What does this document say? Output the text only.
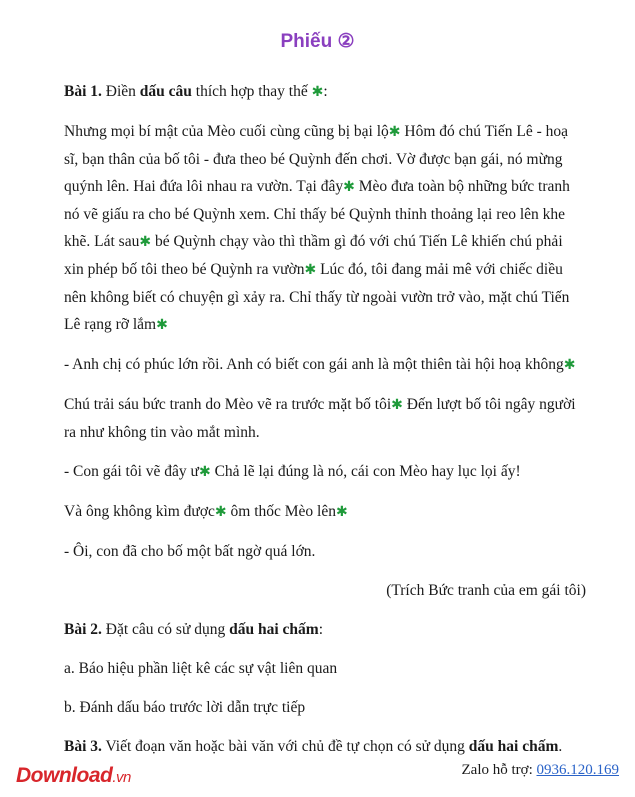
Phiếu ②

Bài 1. Điền dấu câu thích hợp thay thế ✱:

Nhưng mọi bí mật của Mèo cuối cùng cũng bị bại lộ✱ Hôm đó chú Tiến Lê - hoạ sĩ, bạn thân của bố tôi - đưa theo bé Quỳnh đến chơi. Vờ được bạn gái, nó mừng quýnh lên. Hai đứa lôi nhau ra vườn. Tại đây✱ Mèo đưa toàn bộ những bức tranh nó vẽ giấu ra cho bé Quỳnh xem. Chỉ thấy bé Quỳnh thỉnh thoảng lại reo lên khe khẽ. Lát sau✱ bé Quỳnh chạy vào thì thầm gì đó với chú Tiến Lê khiến chú phải xin phép bố tôi theo bé Quỳnh ra vườn✱ Lúc đó, tôi đang mải mê với chiếc diều nên không biết có chuyện gì xảy ra. Chỉ thấy từ ngoài vườn trở vào, mặt chú Tiến Lê rạng rỡ lắm✱

- Anh chị có phúc lớn rồi. Anh có biết con gái anh là một thiên tài hội hoạ không✱

Chú trải sáu bức tranh do Mèo vẽ ra trước mặt bố tôi✱ Đến lượt bố tôi ngây người ra như không tin vào mắt mình.

- Con gái tôi vẽ đây ư✱ Chả lẽ lại đúng là nó, cái con Mèo hay lục lọi ấy!

Và ông không kìm được✱ ôm thốc Mèo lên✱

- Ôi, con đã cho bố một bất ngờ quá lớn.

(Trích Bức tranh của em gái tôi)

Bài 2. Đặt câu có sử dụng dấu hai chấm:

a. Báo hiệu phần liệt kê các sự vật liên quan

b. Đánh dấu báo trước lời dẫn trực tiếp

Bài 3. Viết đoạn văn hoặc bài văn với chủ đề tự chọn có sử dụng dấu hai chấm.

Download.vn	Zalo hỗ trợ: 0936.120.169
